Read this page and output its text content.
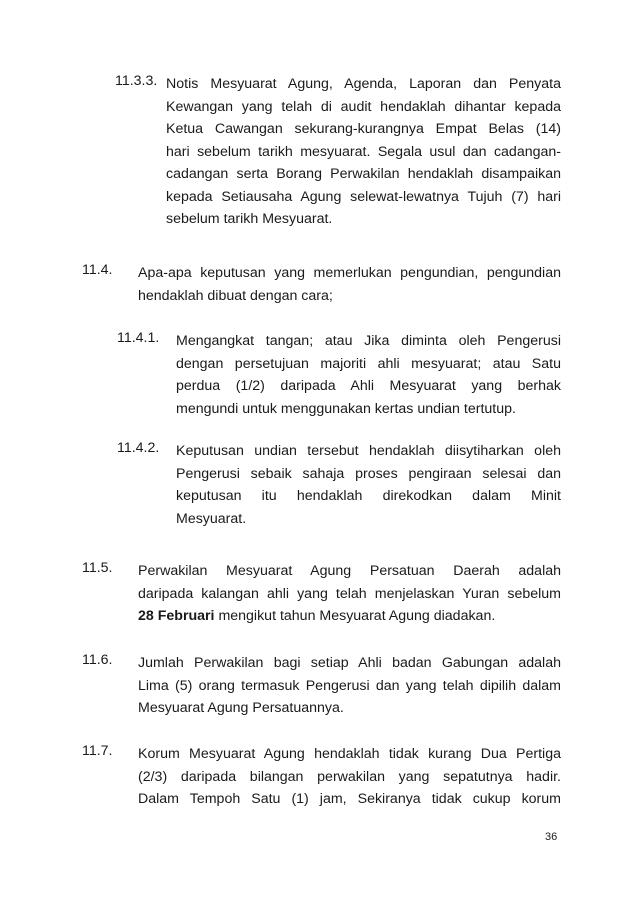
11.3.3. Notis Mesyuarat Agung, Agenda, Laporan dan Penyata
Kewangan yang telah di audit hendaklah dihantar kepada
Ketua Cawangan sekurang-kurangnya Empat Belas (14)
hari sebelum tarikh mesyuarat. Segala usul dan cadangan-
cadangan serta Borang Perwakilan hendaklah disampaikan
kepada Setiausaha Agung selewat-lewatnya Tujuh (7) hari
sebelum tarikh Mesyuarat.
11.4. Apa-apa keputusan yang memerlukan pengundian, pengundian
hendaklah dibuat dengan cara;
11.4.1. Mengangkat tangan; atau Jika diminta oleh Pengerusi
dengan persetujuan majoriti ahli mesyuarat; atau Satu
perdua (1/2) daripada Ahli Mesyuarat yang berhak
mengundi untuk menggunakan kertas undian tertutup.
11.4.2. Keputusan undian tersebut hendaklah diisytiharkan oleh
Pengerusi sebaik sahaja proses pengiraan selesai dan
keputusan itu hendaklah direkodkan dalam Minit
Mesyuarat.
11.5. Perwakilan Mesyuarat Agung Persatuan Daerah adalah
daripada kalangan ahli yang telah menjelaskan Yuran sebelum
28 Februari mengikut tahun Mesyuarat Agung diadakan.
11.6. Jumlah Perwakilan bagi setiap Ahli badan Gabungan adalah
Lima (5) orang termasuk Pengerusi dan yang telah dipilih dalam
Mesyuarat Agung Persatuannya.
11.7. Korum Mesyuarat Agung hendaklah tidak kurang Dua Pertiga
(2/3) daripada bilangan perwakilan yang sepatutnya hadir.
Dalam Tempoh Satu (1) jam, Sekiranya tidak cukup korum
36
